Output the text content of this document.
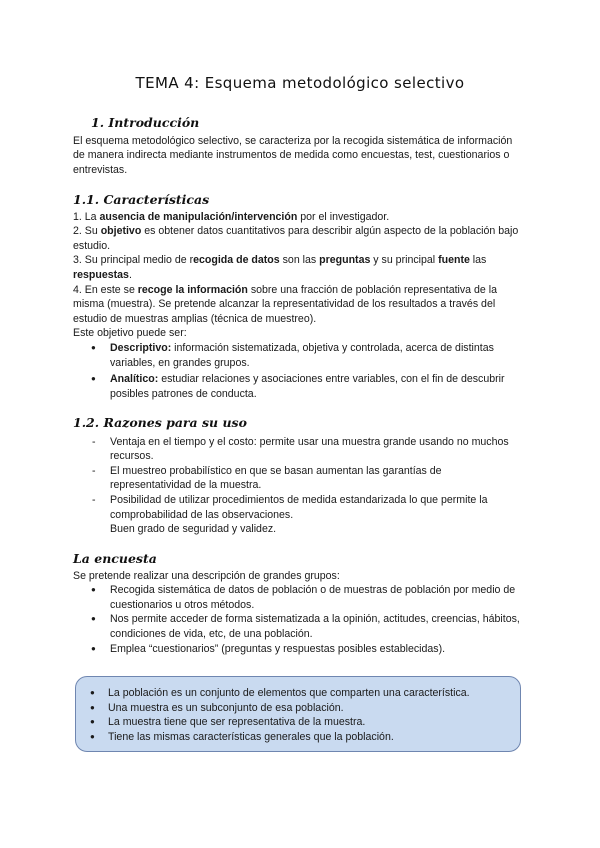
TEMA 4: Esquema metodológico selectivo
1. Introducción

El esquema metodológico selectivo, se caracteriza por la recogida sistemática de información de manera indirecta mediante instrumentos de medida como encuestas, test, cuestionarios o entrevistas.

1.1. Características

1. La ausencia de manipulación/intervención por el investigador.

2. Su objetivo es obtener datos cuantitativos para describir algún aspecto de la población bajo estudio.

3. Su principal medio de recogida de datos son las preguntas y su principal fuente las respuestas.

4. En este se recoge la información sobre una fracción de población representativa de la misma (muestra). Se pretende alcanzar la representatividad de los resultados a través del estudio de muestras amplias (técnica de muestreo).

Este objetivo puede ser:

● Descriptivo: información sistematizada, objetiva y controlada, acerca de distintas variables, en grandes grupos.
● Analítico: estudiar relaciones y asociaciones entre variables, con el fin de descubrir posibles patrones de conducta.
1.2. Razones para su uso
- Ventaja en el tiempo y el costo: permite usar una muestra grande usando no muchos recursos.
- El muestreo probabilístico en que se basan aumentan las garantías de representatividad de la muestra.
- Posibilidad de utilizar procedimientos de medida estandarizada lo que permite la comprobabilidad de las observaciones.

Buen grado de seguridad y validez.

La encuesta

Se pretende realizar una descripción de grandes grupos:

● Recogida sistemática de datos de población o de muestras de población por medio de cuestionarios u otros métodos.
● Nos permite acceder de forma sistematizada a la opinión, actitudes, creencias, hábitos, condiciones de vida, etc, de una población.
● Emplea “cuestionarios” (preguntas y respuestas posibles establecidas).
● La población es un conjunto de elementos que comparten una característica.
● Una muestra es un subconjunto de esa población.
● La muestra tiene que ser representativa de la muestra.
● Tiene las mismas características generales que la población.
